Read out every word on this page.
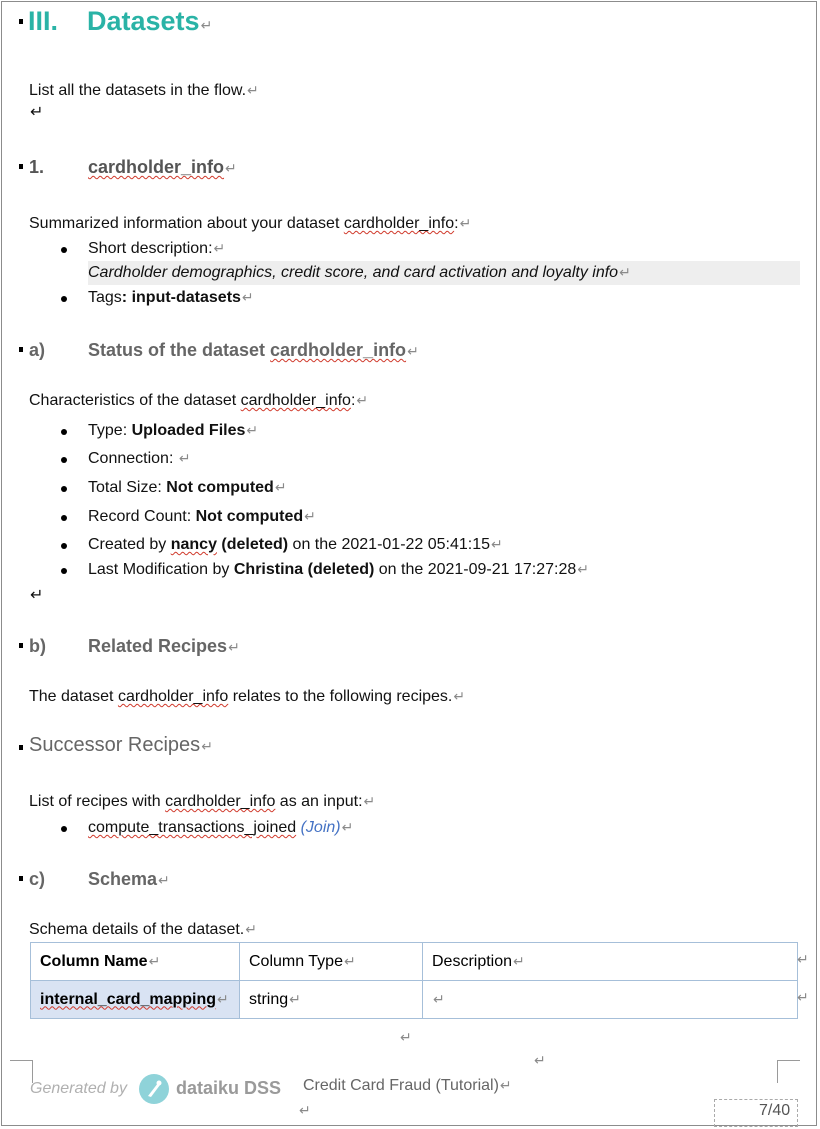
III. Datasets↵
List all the datasets in the flow.↵
↵
1. cardholder_info↵
Summarized information about your dataset cardholder_info:↵
Short description:↵
Cardholder demographics, credit score, and card activation and loyalty info↵
Tags: input-datasets↵
a) Status of the dataset cardholder_info↵
Characteristics of the dataset cardholder_info:↵
Type: Uploaded Files↵
Connection: ↵
Total Size: Not computed↵
Record Count: Not computed↵
Created by nancy (deleted) on the 2021-01-22 05:41:15↵
Last Modification by Christina (deleted) on the 2021-09-21 17:27:28↵
↵
b) Related Recipes↵
The dataset cardholder_info relates to the following recipes.↵
Successor Recipes↵
List of recipes with cardholder_info as an input:↵
compute_transactions_joined (Join)↵
c) Schema↵
Schema details of the dataset.↵
Column Name↵	Column Type↵	Description↵
internal_card_mapping↵	string↵	↵
↵
↵
↵
↵
Generated by	dataiku DSS Credit Card Fraud (Tutorial)↵
↵	7/40
